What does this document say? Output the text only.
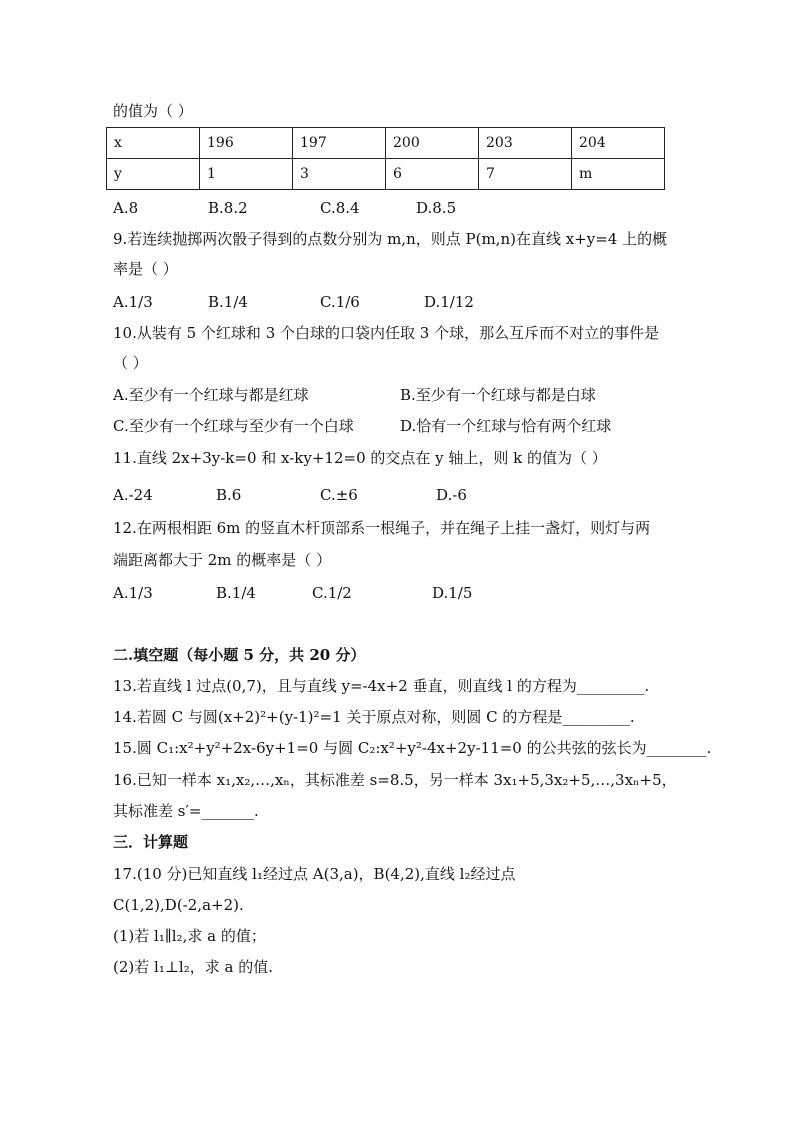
的值为（ ）
x	196	197	200	203	204
y	1	3	6	7	m
A.8	B.8.2	C.8.4	D.8.5
9.若连续抛掷两次骰子得到的点数分别为 m,n，则点 P(m,n)在直线 x+y=4 上的概
率是（ ）
A.1/3	B.1/4	C.1/6	D.1/12
10.从装有 5 个红球和 3 个白球的口袋内任取 3 个球，那么互斥而不对立的事件是
（ ）
A.至少有一个红球与都是红球	B.至少有一个红球与都是白球
C.至少有一个红球与至少有一个白球	D.恰有一个红球与恰有两个红球
11.直线 2x+3y-k=0 和 x-ky+12=0 的交点在 y 轴上，则 k 的值为（ ）
A.-24	B.6	C.±6	D.-6
12.在两根相距 6m 的竖直木杆顶部系一根绳子，并在绳子上挂一盏灯，则灯与两
端距离都大于 2m 的概率是（ ）
A.1/3	B.1/4	C.1/2	D.1/5
二.填空题（每小题 5 分，共 20 分）
13.若直线 l 过点(0,7)，且与直线 y=-4x+2 垂直，则直线 l 的方程为_________.
14.若圆 C 与圆(x+2)²+(y-1)²=1 关于原点对称，则圆 C 的方程是_________.
15.圆 C₁:x²+y²+2x-6y+1=0 与圆 C₂:x²+y²-4x+2y-11=0 的公共弦的弦长为________.
16.已知一样本 x₁,x₂,…,xₙ，其标准差 s=8.5，另一样本 3x₁+5,3x₂+5,…,3xₙ+5，
其标准差 s′=_______.
三．计算题
17.(10 分)已知直线 l₁经过点 A(3,a)，B(4,2),直线 l₂经过点
C(1,2),D(-2,a+2).
(1)若 l₁∥l₂,求 a 的值；
(2)若 l₁⊥l₂，求 a 的值.
